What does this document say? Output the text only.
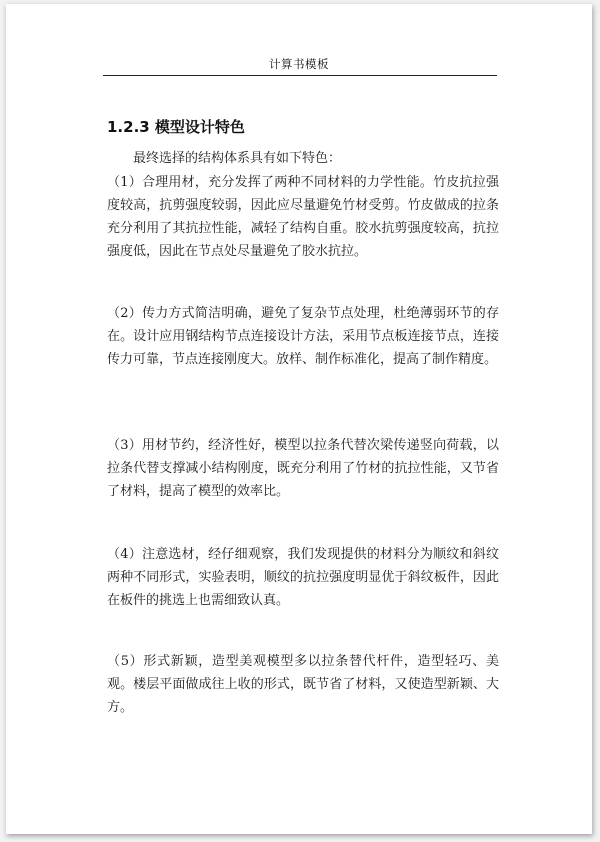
计算书模板
1.2.3 模型设计特色
最终选择的结构体系具有如下特色：
（1）合理用材，充分发挥了两种不同材料的力学性能。竹皮抗拉强度较高，抗剪强度较弱，因此应尽量避免竹材受剪。竹皮做成的拉条充分利用了其抗拉性能，减轻了结构自重。胶水抗剪强度较高，抗拉强度低，因此在节点处尽量避免了胶水抗拉。
（2）传力方式简洁明确，避免了复杂节点处理，杜绝薄弱环节的存在。设计应用钢结构节点连接设计方法，采用节点板连接节点，连接传力可靠，节点连接刚度大。放样、制作标准化，提高了制作精度。
（3）用材节约，经济性好，模型以拉条代替次梁传递竖向荷载，以拉条代替支撑减小结构刚度，既充分利用了竹材的抗拉性能，又节省了材料，提高了模型的效率比。
（4）注意选材，经仔细观察，我们发现提供的材料分为顺纹和斜纹两种不同形式，实验表明，顺纹的抗拉强度明显优于斜纹板件，因此在板件的挑选上也需细致认真。
（5）形式新颖，造型美观模型多以拉条替代杆件，造型轻巧、美观。楼层平面做成往上收的形式，既节省了材料，又使造型新颖、大方。
